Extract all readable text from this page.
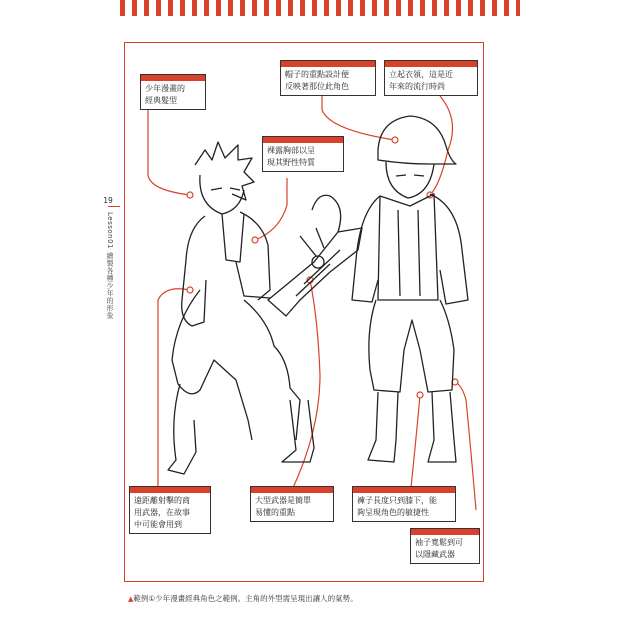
19
Lesson01 繪製各種少年的形象
少年漫畫的
經典髮型
帽子的重點設計便
反映著那位此角色
立起衣領，這是近
年來的流行時尚
裸露胸部以呈
現其野性特質
遠距離射擊的商
用武器，在故事
中可能會用到
大型武器是簡單
易懂的重點
褲子長度只到膝下，能
夠呈現角色的敏捷性
袖子寬鬆到可
以隱藏武器
▲範例①少年漫畫經典角色之範例。主角的外型需呈現出讓人的氣勢。
